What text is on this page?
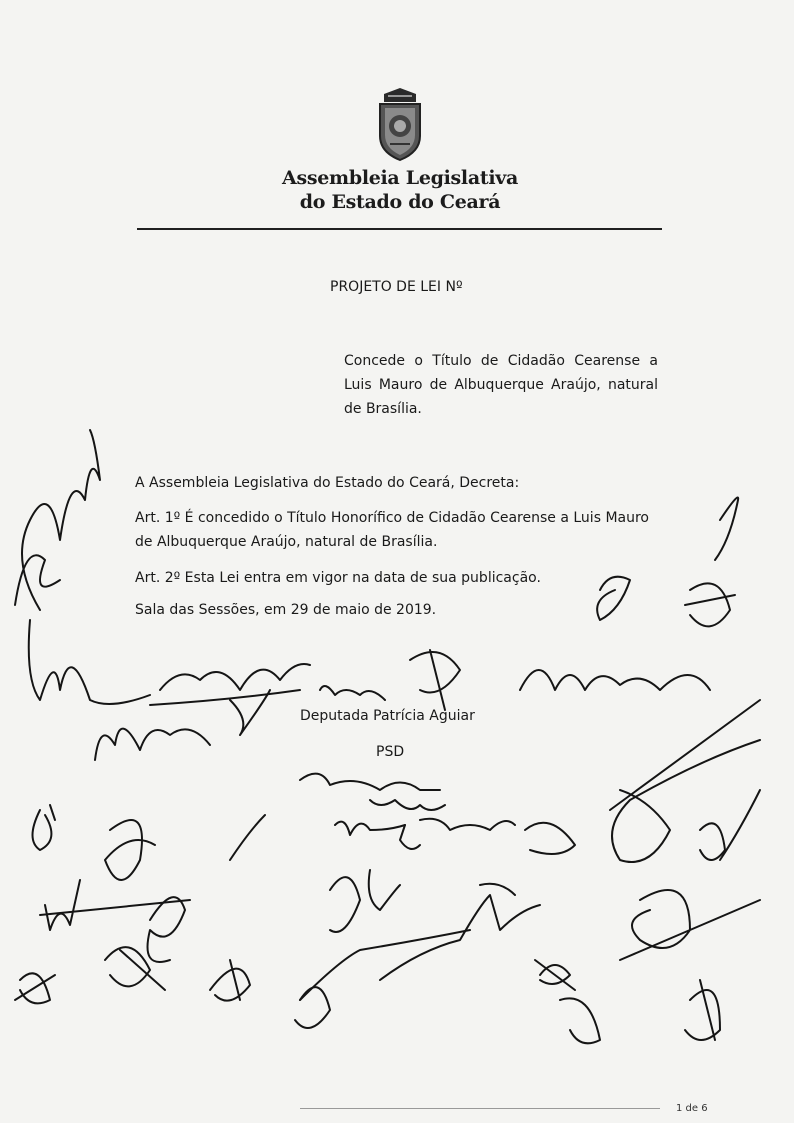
Assembleia Legislativa
do Estado do Ceará
PROJETO DE LEI Nº
Concede o Título de Cidadão Cearense a Luis Mauro de Albuquerque Araújo, natural de Brasília.
A Assembleia Legislativa do Estado do Ceará, Decreta:
Art. 1º É concedido o Título Honorífico de Cidadão Cearense a Luis Mauro de Albuquerque Araújo, natural de Brasília.
Art. 2º Esta Lei entra em vigor na data de sua publicação.
Sala das Sessões, em 29 de maio de 2019.
Deputada Patrícia Aguiar
PSD
1 de 6
